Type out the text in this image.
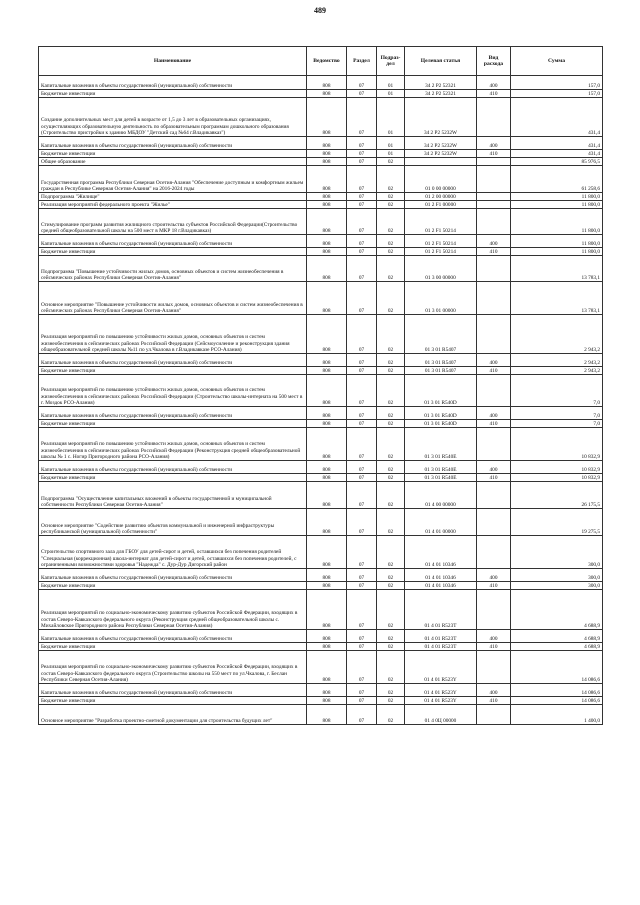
489
Наименование	Ведомство	Раздел	Подраз-дел	Целевая статья	Вид расхода	Сумма
Капитальные вложения в объекты государственной (муниципальной) собственности	808	07	01	34 2 P2 52321	400	157,0
Бюджетные инвестиции	808	07	01	34 2 P2 52321	410	157,0
Создание дополнительных мест для детей в возрасте от 1,5 до 3 лет в образовательных организациях, осуществляющих образовательную деятельность по образовательным программам дошкольного образования (Строительство пристройки к зданию МБДОУ "Детский сад №64 г.Владикавказ")	808	07	01	34 2 P2 5232W		431,4
Капитальные вложения в объекты государственной (муниципальной) собственности	808	07	01	34 2 P2 5232W	400	431,4
Бюджетные инвестиции	808	07	01	34 2 P2 5232W	410	431,4
Общее образование	808	07	02			85 976,5
Государственная программа Республики Северная Осетия-Алания "Обеспечение доступным и комфортным жильем граждан в Республике Северная Осетия-Алания" на 2016-2024 годы	808	07	02	01 0 00 00000		61 258,6
Подпрограмма "Жилище"	808	07	02	01 2 00 00000		11 800,0
Реализация мероприятий федерального проекта "Жилье"	808	07	02	01 2 F1 00000		11 800,0
Стимулирование программ развития жилищного строительства субъектов Российской Федерации(Строительство средней общеобразовательной школы на 500 мест в МКР 18 г.Владикавказ)	808	07	02	01 2 F1 50214		11 800,0
Капитальные вложения в объекты государственной (муниципальной) собственности	808	07	02	01 2 F1 50214	400	11 800,0
Бюджетные инвестиции	808	07	02	01 2 F1 50214	410	11 800,0
Подпрограмма "Повышение устойчивости жилых домов, основных объектов и систем жизнеобеспечения в сейсмических районах Республики Северная Осетия-Алания"	808	07	02	01 3 00 00000		13 783,1
Основное мероприятие "Повышение устойчивости жилых домов, основных объектов и систем жизнеобеспечения в сейсмических районах Республики Северная Осетия-Алания"	808	07	02	01 3 01 00000		13 783,1
Реализация мероприятий по повышению устойчивости жилых домов, основных объектов и систем жизнеобеспечения в сейсмических районах Российской Федерации (Сейсмоусиление и реконструкция здания общеобразовательной средней школы №11 по ул.Чкалова в г.Владикавказе РСО-Алания)	808	07	02	01 3 01 R5407		2 943,2
Капитальные вложения в объекты государственной (муниципальной) собственности	808	07	02	01 3 01 R5407	400	2 943,2
Бюджетные инвестиции	808	07	02	01 3 01 R5407	410	2 943,2
Реализация мероприятий по повышению устойчивости жилых домов, основных объектов и систем жизнеобеспечения в сейсмических районах Российской Федерации (Строительство школы-интерната на 500 мест в г. Моздок РСО-Алания)	808	07	02	01 3 01 R540D		7,0
Капитальные вложения в объекты государственной (муниципальной) собственности	808	07	02	01 3 01 R540D	400	7,0
Бюджетные инвестиции	808	07	02	01 3 01 R540D	410	7,0
Реализация мероприятий по повышению устойчивости жилых домов, основных объектов и систем жизнеобеспечения в сейсмических районах Российской Федерации (Реконструкция средней общеобразовательной школы № 1 с. Ногир Пригородного района РСО-Алания)	808	07	02	01 3 01 R540E		10 832,9
Капитальные вложения в объекты государственной (муниципальной) собственности	808	07	02	01 3 01 R540E	400	10 832,9
Бюджетные инвестиции	808	07	02	01 3 01 R540E	410	10 832,9
Подпрограмма "Осуществление капитальных вложений в объекты государственной и муниципальной собственности Республики Северная Осетия-Алания"	808	07	02	01 4 00 00000		26 175,5
Основное мероприятие "Содействие развитию объектов коммунальной и инженерной инфраструктуры республиканской (муниципальной) собственности"	808	07	02	01 4 01 00000		19 275,5
Строительство спортивного зала для ГБОУ для детей-сирот и детей, оставшихся без попечения родителей "Специальная (коррекционная) школа-интернат для детей-сирот и детей, оставшихся без попечения родителей, с ограниченными возможностями здоровья "Надежда" с. Дур-Дур Дигорский район	808	07	02	01 4 01 10346		300,0
Капитальные вложения в объекты государственной (муниципальной) собственности	808	07	02	01 4 01 10346	400	300,0
Бюджетные инвестиции	808	07	02	01 4 01 10346	410	300,0
Реализация мероприятий по социально-экономическому развитию субъектов Российской Федерации, входящих в состав Северо-Кавказского федерального округа (Реконструкция средней общеобразовательной школы с. Михайловское Пригородного района Республики Северная Осетия-Алания)	808	07	02	01 4 01 R523T		4 688,9
Капитальные вложения в объекты государственной (муниципальной) собственности	808	07	02	01 4 01 R523T	400	4 688,9
Бюджетные инвестиции	808	07	02	01 4 01 R523T	410	4 688,9
Реализация мероприятий по социально-экономическому развитию субъектов Российской Федерации, входящих в состав Северо-Кавказского федерального округа (Строительство школы на 550 мест по ул.Чкалова, г. Беслан Республики Северная Осетия-Алания)	808	07	02	01 4 01 R523Y		14 086,6
Капитальные вложения в объекты государственной (муниципальной) собственности	808	07	02	01 4 01 R523Y	400	14 086,6
Бюджетные инвестиции	808	07	02	01 4 01 R523Y	410	14 086,6
Основное мероприятие "Разработка проектно-сметной документации для строительства будущих лет"	808	07	02	01 4 0Ц 00000		1 400,0
